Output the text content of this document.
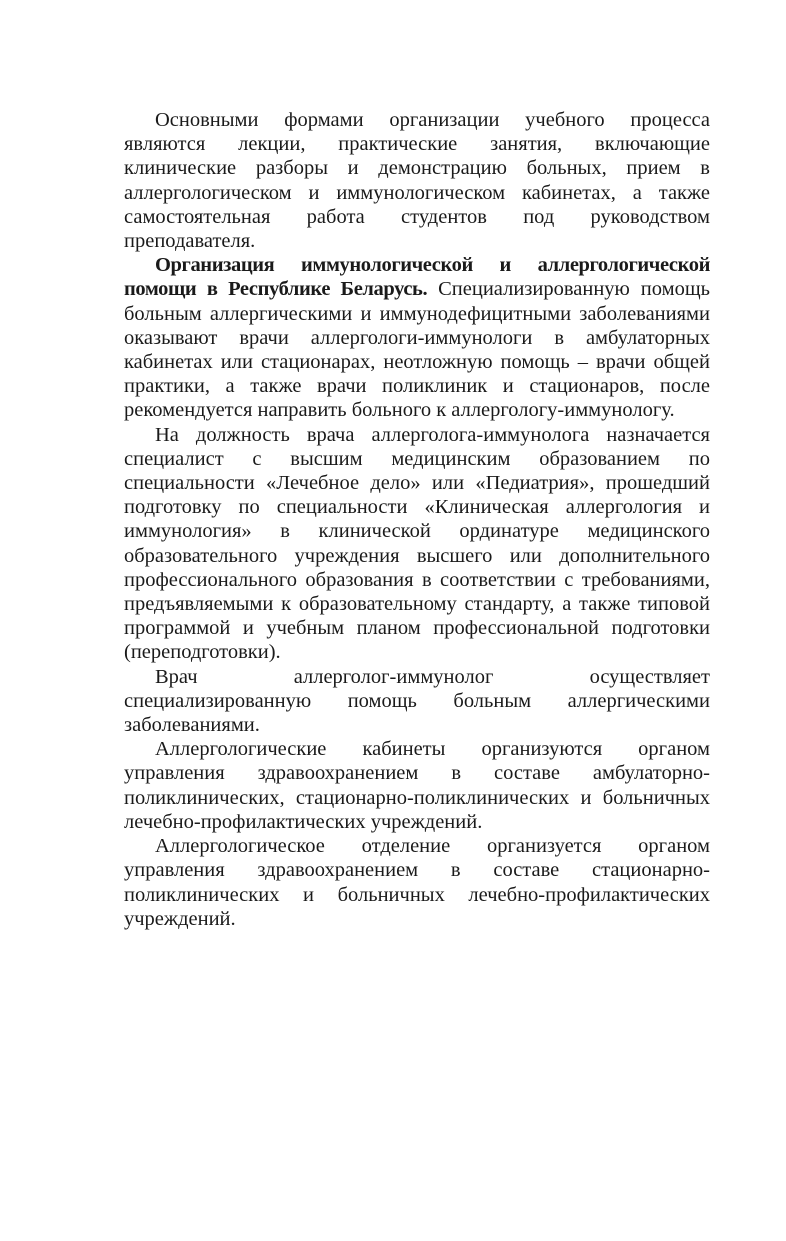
Основными формами организации учебного процесса являются лекции, практические занятия, включающие клинические разборы и демонстрацию больных, прием в аллергологическом и иммунологическом кабинетах, а также самостоятельная работа студентов под руководством преподавателя.

Организация иммунологической и аллергологической помощи в Республике Беларусь. Специализированную помощь больным аллергическими и иммунодефицитными заболеваниями оказывают врачи аллергологи-иммунологи в амбулаторных кабинетах или стационарах, неотложную помощь – врачи общей практики, а также врачи поликлиник и стационаров, после рекомендуется направить больного к аллергологу-иммунологу.

На должность врача аллерголога-иммунолога назначается специалист с высшим медицинским образованием по специальности «Лечебное дело» или «Педиатрия», прошедший подготовку по специальности «Клиническая аллергология и иммунология» в клинической ординатуре медицинского образовательного учреждения высшего или дополнительного профессионального образования в соответствии с требованиями, предъявляемыми к образовательному стандарту, а также типовой программой и учебным планом профессиональной подготовки (переподготовки).

Врач аллерголог-иммунолог осуществляет специализированную помощь больным аллергическими заболеваниями.

Аллергологические кабинеты организуются органом управления здравоохранением в составе амбулаторно-поликлинических, стационарно-поликлинических и больничных лечебно-профилактических учреждений.

Аллергологическое отделение организуется органом управления здравоохранением в составе стационарно-поликлинических и больничных лечебно-профилактических учреждений.
